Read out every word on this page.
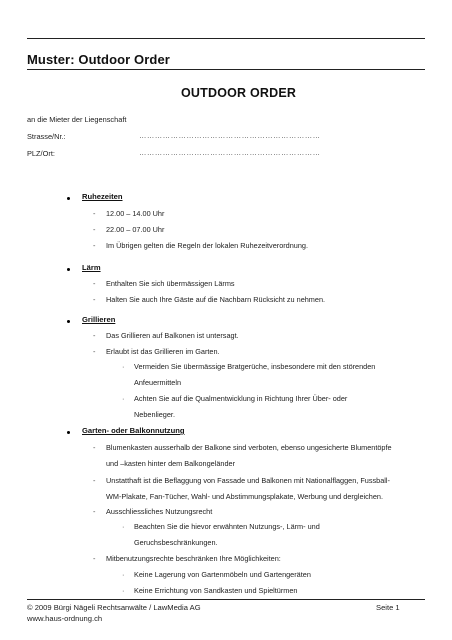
Muster: Outdoor Order
OUTDOOR ORDER
an die Mieter der Liegenschaft
Strasse/Nr.:	……………………………………………………………
PLZ/Ort:	……………………………………………………………
Ruhezeiten
- 12.00 – 14.00 Uhr
- 22.00 – 07.00 Uhr
- Im Übrigen gelten die Regeln der lokalen Ruhezeitverordnung.
Lärm
- Enthalten Sie sich übermässigen Lärms
- Halten Sie auch Ihre Gäste auf die Nachbarn Rücksicht zu nehmen.
Grillieren
- Das Grillieren auf Balkonen ist untersagt.
- Erlaubt ist das Grillieren im Garten.
· Vermeiden Sie übermässige Bratgerüche, insbesondere mit den störenden
Anfeuermitteln
· Achten Sie auf die Qualmentwicklung in Richtung Ihrer Über- oder
Nebenlieger.
Garten- oder Balkonnutzung
- Blumenkasten ausserhalb der Balkone sind verboten, ebenso ungesicherte Blumentöpfe
und –kasten hinter dem Balkongeländer
- Unstatthaft ist die Beflaggung von Fassade und Balkonen mit Nationalflaggen, Fussball-
WM-Plakate, Fan-Tücher, Wahl- und Abstimmungsplakate, Werbung und dergleichen.
- Ausschliessliches Nutzungsrecht
· Beachten Sie die hievor erwähnten Nutzungs-, Lärm- und
Geruchsbeschränkungen.
- Mitbenutzungsrechte beschränken Ihre Möglichkeiten:
· Keine Lagerung von Gartenmöbeln und Gartengeräten
· Keine Errichtung von Sandkasten und Spieltürmen
© 2009 Bürgi Nägeli Rechtsanwälte / LawMedia AG	Seite 1
www.haus-ordnung.ch
